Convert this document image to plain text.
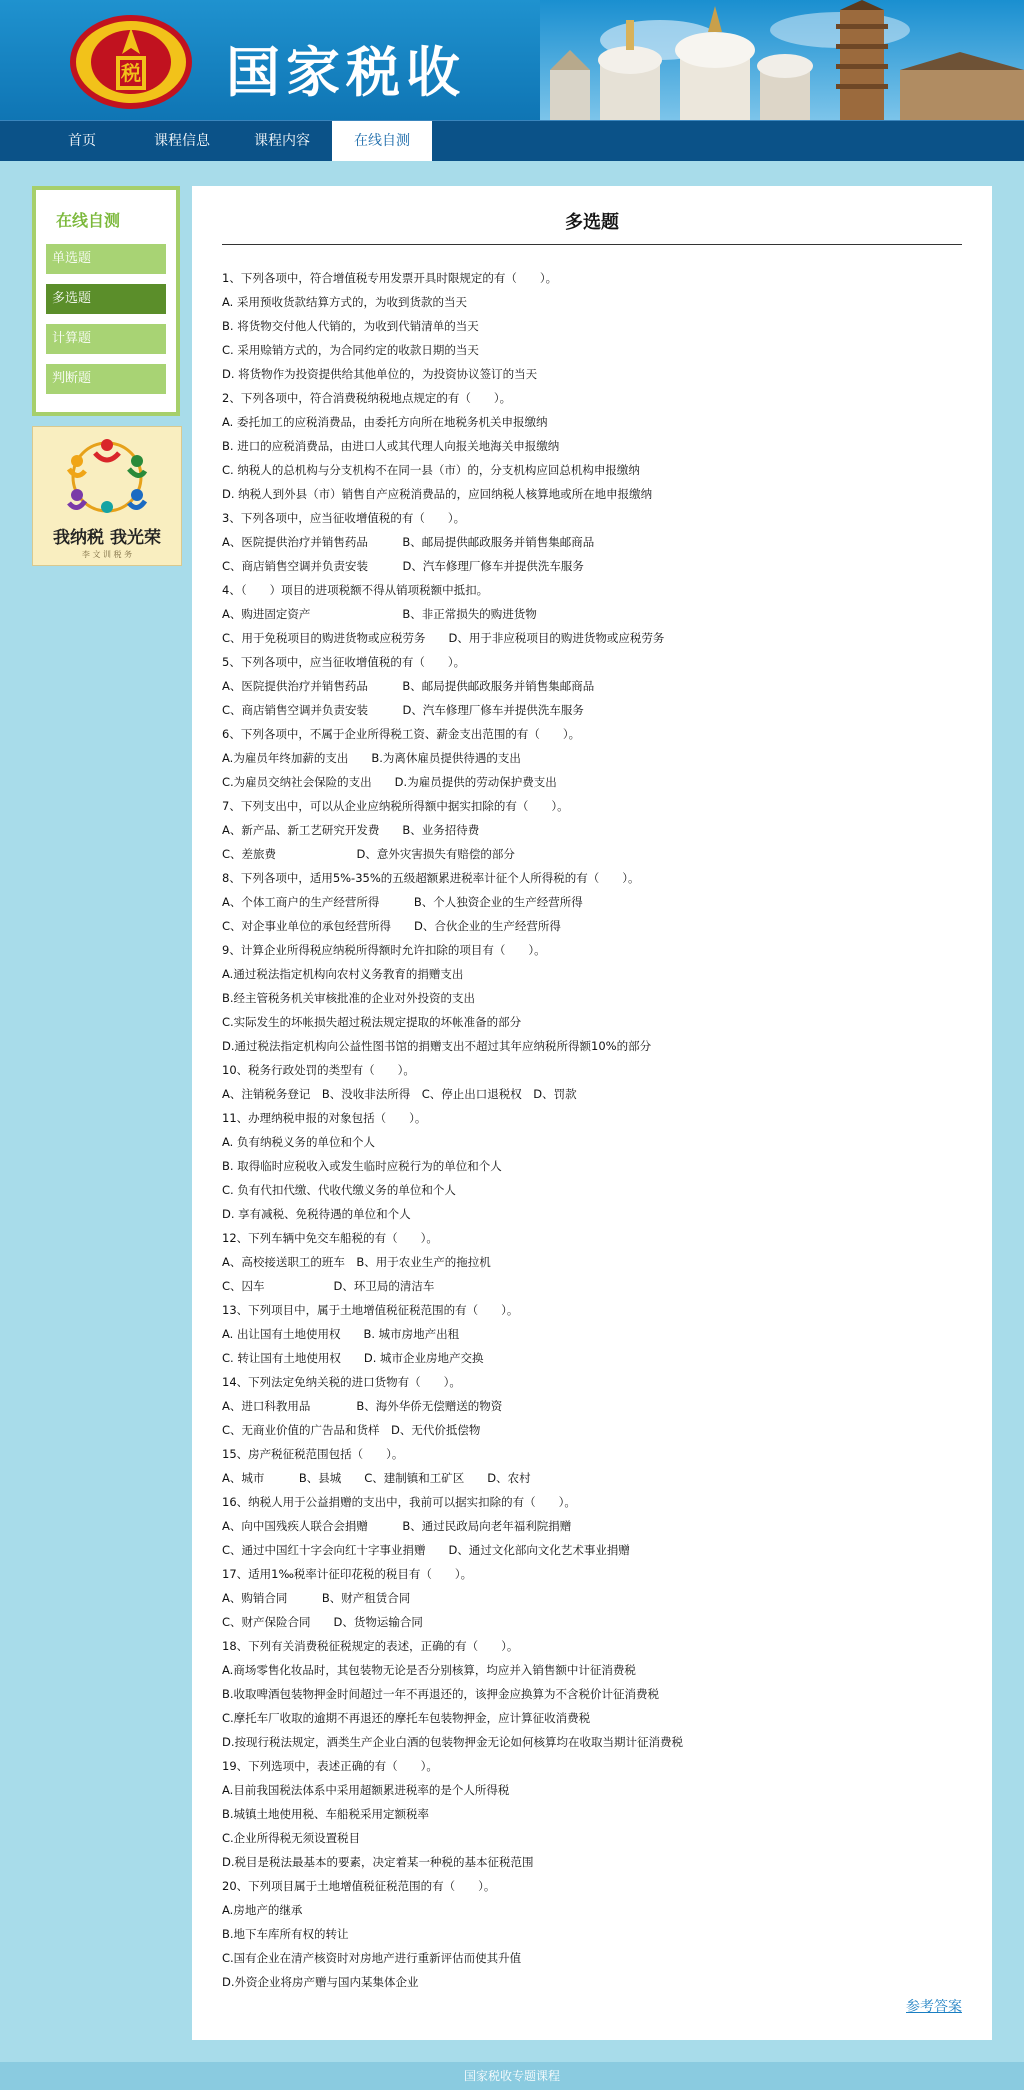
税 国家税收
首页	课程信息	课程内容	在线自测
在线自测
单选题
多选题
计算题
判断题
我纳税 我光荣
李 文 训 税 务
多选题
1、下列各项中，符合增值税专用发票开具时限规定的有（　　）。
A. 采用预收货款结算方式的，为收到货款的当天
B. 将货物交付他人代销的，为收到代销清单的当天
C. 采用赊销方式的，为合同约定的收款日期的当天
D. 将货物作为投资提供给其他单位的，为投资协议签订的当天
2、下列各项中，符合消费税纳税地点规定的有（　　）。
A. 委托加工的应税消费品，由委托方向所在地税务机关申报缴纳
B. 进口的应税消费品，由进口人或其代理人向报关地海关申报缴纳
C. 纳税人的总机构与分支机构不在同一县（市）的，分支机构应回总机构申报缴纳
D. 纳税人到外县（市）销售自产应税消费品的，应回纳税人核算地或所在地申报缴纳
3、下列各项中，应当征收增值税的有（　　）。
A、医院提供治疗并销售药品　　　B、邮局提供邮政服务并销售集邮商品
C、商店销售空调并负责安装　　　D、汽车修理厂修车并提供洗车服务
4、（　　）项目的进项税额不得从销项税额中抵扣。
A、购进固定资产　　　　　　　　B、非正常损失的购进货物
C、用于免税项目的购进货物或应税劳务　　D、用于非应税项目的购进货物或应税劳务
5、下列各项中，应当征收增值税的有（　　）。
A、医院提供治疗并销售药品　　　B、邮局提供邮政服务并销售集邮商品
C、商店销售空调并负责安装　　　D、汽车修理厂修车并提供洗车服务
6、下列各项中，不属于企业所得税工资、薪金支出范围的有（　　）。
A.为雇员年终加薪的支出　　B.为离休雇员提供待遇的支出
C.为雇员交纳社会保险的支出　　D.为雇员提供的劳动保护费支出
7、下列支出中，可以从企业应纳税所得额中据实扣除的有（　　）。
A、新产品、新工艺研究开发费　　B、业务招待费
C、差旅费　　　　　　　D、意外灾害损失有赔偿的部分
8、下列各项中，适用5%-35%的五级超额累进税率计征个人所得税的有（　　）。
A、个体工商户的生产经营所得　　　B、个人独资企业的生产经营所得
C、对企事业单位的承包经营所得　　D、合伙企业的生产经营所得
9、计算企业所得税应纳税所得额时允许扣除的项目有（　　）。
A.通过税法指定机构向农村义务教育的捐赠支出
B.经主管税务机关审核批准的企业对外投资的支出
C.实际发生的坏帐损失超过税法规定提取的坏帐准备的部分
D.通过税法指定机构向公益性图书馆的捐赠支出不超过其年应纳税所得额10%的部分
10、税务行政处罚的类型有（　　）。
A、注销税务登记　B、没收非法所得　C、停止出口退税权　D、罚款
11、办理纳税申报的对象包括（　　）。
A. 负有纳税义务的单位和个人
B. 取得临时应税收入或发生临时应税行为的单位和个人
C. 负有代扣代缴、代收代缴义务的单位和个人
D. 享有减税、免税待遇的单位和个人
12、下列车辆中免交车船税的有（　　）。
A、高校接送职工的班车　B、用于农业生产的拖拉机
C、囚车　　　　　　D、环卫局的清洁车
13、下列项目中，属于土地增值税征税范围的有（　　）。
A. 出让国有土地使用权　　B. 城市房地产出租
C. 转让国有土地使用权　　D. 城市企业房地产交换
14、下列法定免纳关税的进口货物有（　　）。
A、进口科教用品　　　　B、海外华侨无偿赠送的物资
C、无商业价值的广告品和货样　D、无代价抵偿物
15、房产税征税范围包括（　　）。
A、城市　　　B、县城　　C、建制镇和工矿区　　D、农村
16、纳税人用于公益捐赠的支出中，我前可以据实扣除的有（　　）。
A、向中国残疾人联合会捐赠　　　B、通过民政局向老年福利院捐赠
C、通过中国红十字会向红十字事业捐赠　　D、通过文化部向文化艺术事业捐赠
17、适用1‰税率计征印花税的税目有（　　）。
A、购销合同　　　B、财产租赁合同
C、财产保险合同　　D、货物运输合同
18、下列有关消费税征税规定的表述，正确的有（　　）。
A.商场零售化妆品时，其包装物无论是否分别核算，均应并入销售额中计征消费税
B.收取啤酒包装物押金时间超过一年不再退还的，该押金应换算为不含税价计征消费税
C.摩托车厂收取的逾期不再退还的摩托车包装物押金，应计算征收消费税
D.按现行税法规定，酒类生产企业白酒的包装物押金无论如何核算均在收取当期计征消费税
19、下列选项中，表述正确的有（　　）。
A.目前我国税法体系中采用超额累进税率的是个人所得税
B.城镇土地使用税、车船税采用定额税率
C.企业所得税无须设置税目
D.税目是税法最基本的要素，决定着某一种税的基本征税范围
20、下列项目属于土地增值税征税范围的有（　　）。
A.房地产的继承
B.地下车库所有权的转让
C.国有企业在清产核资时对房地产进行重新评估而使其升值
D.外资企业将房产赠与国内某集体企业
参考答案
国家税收专题课程
